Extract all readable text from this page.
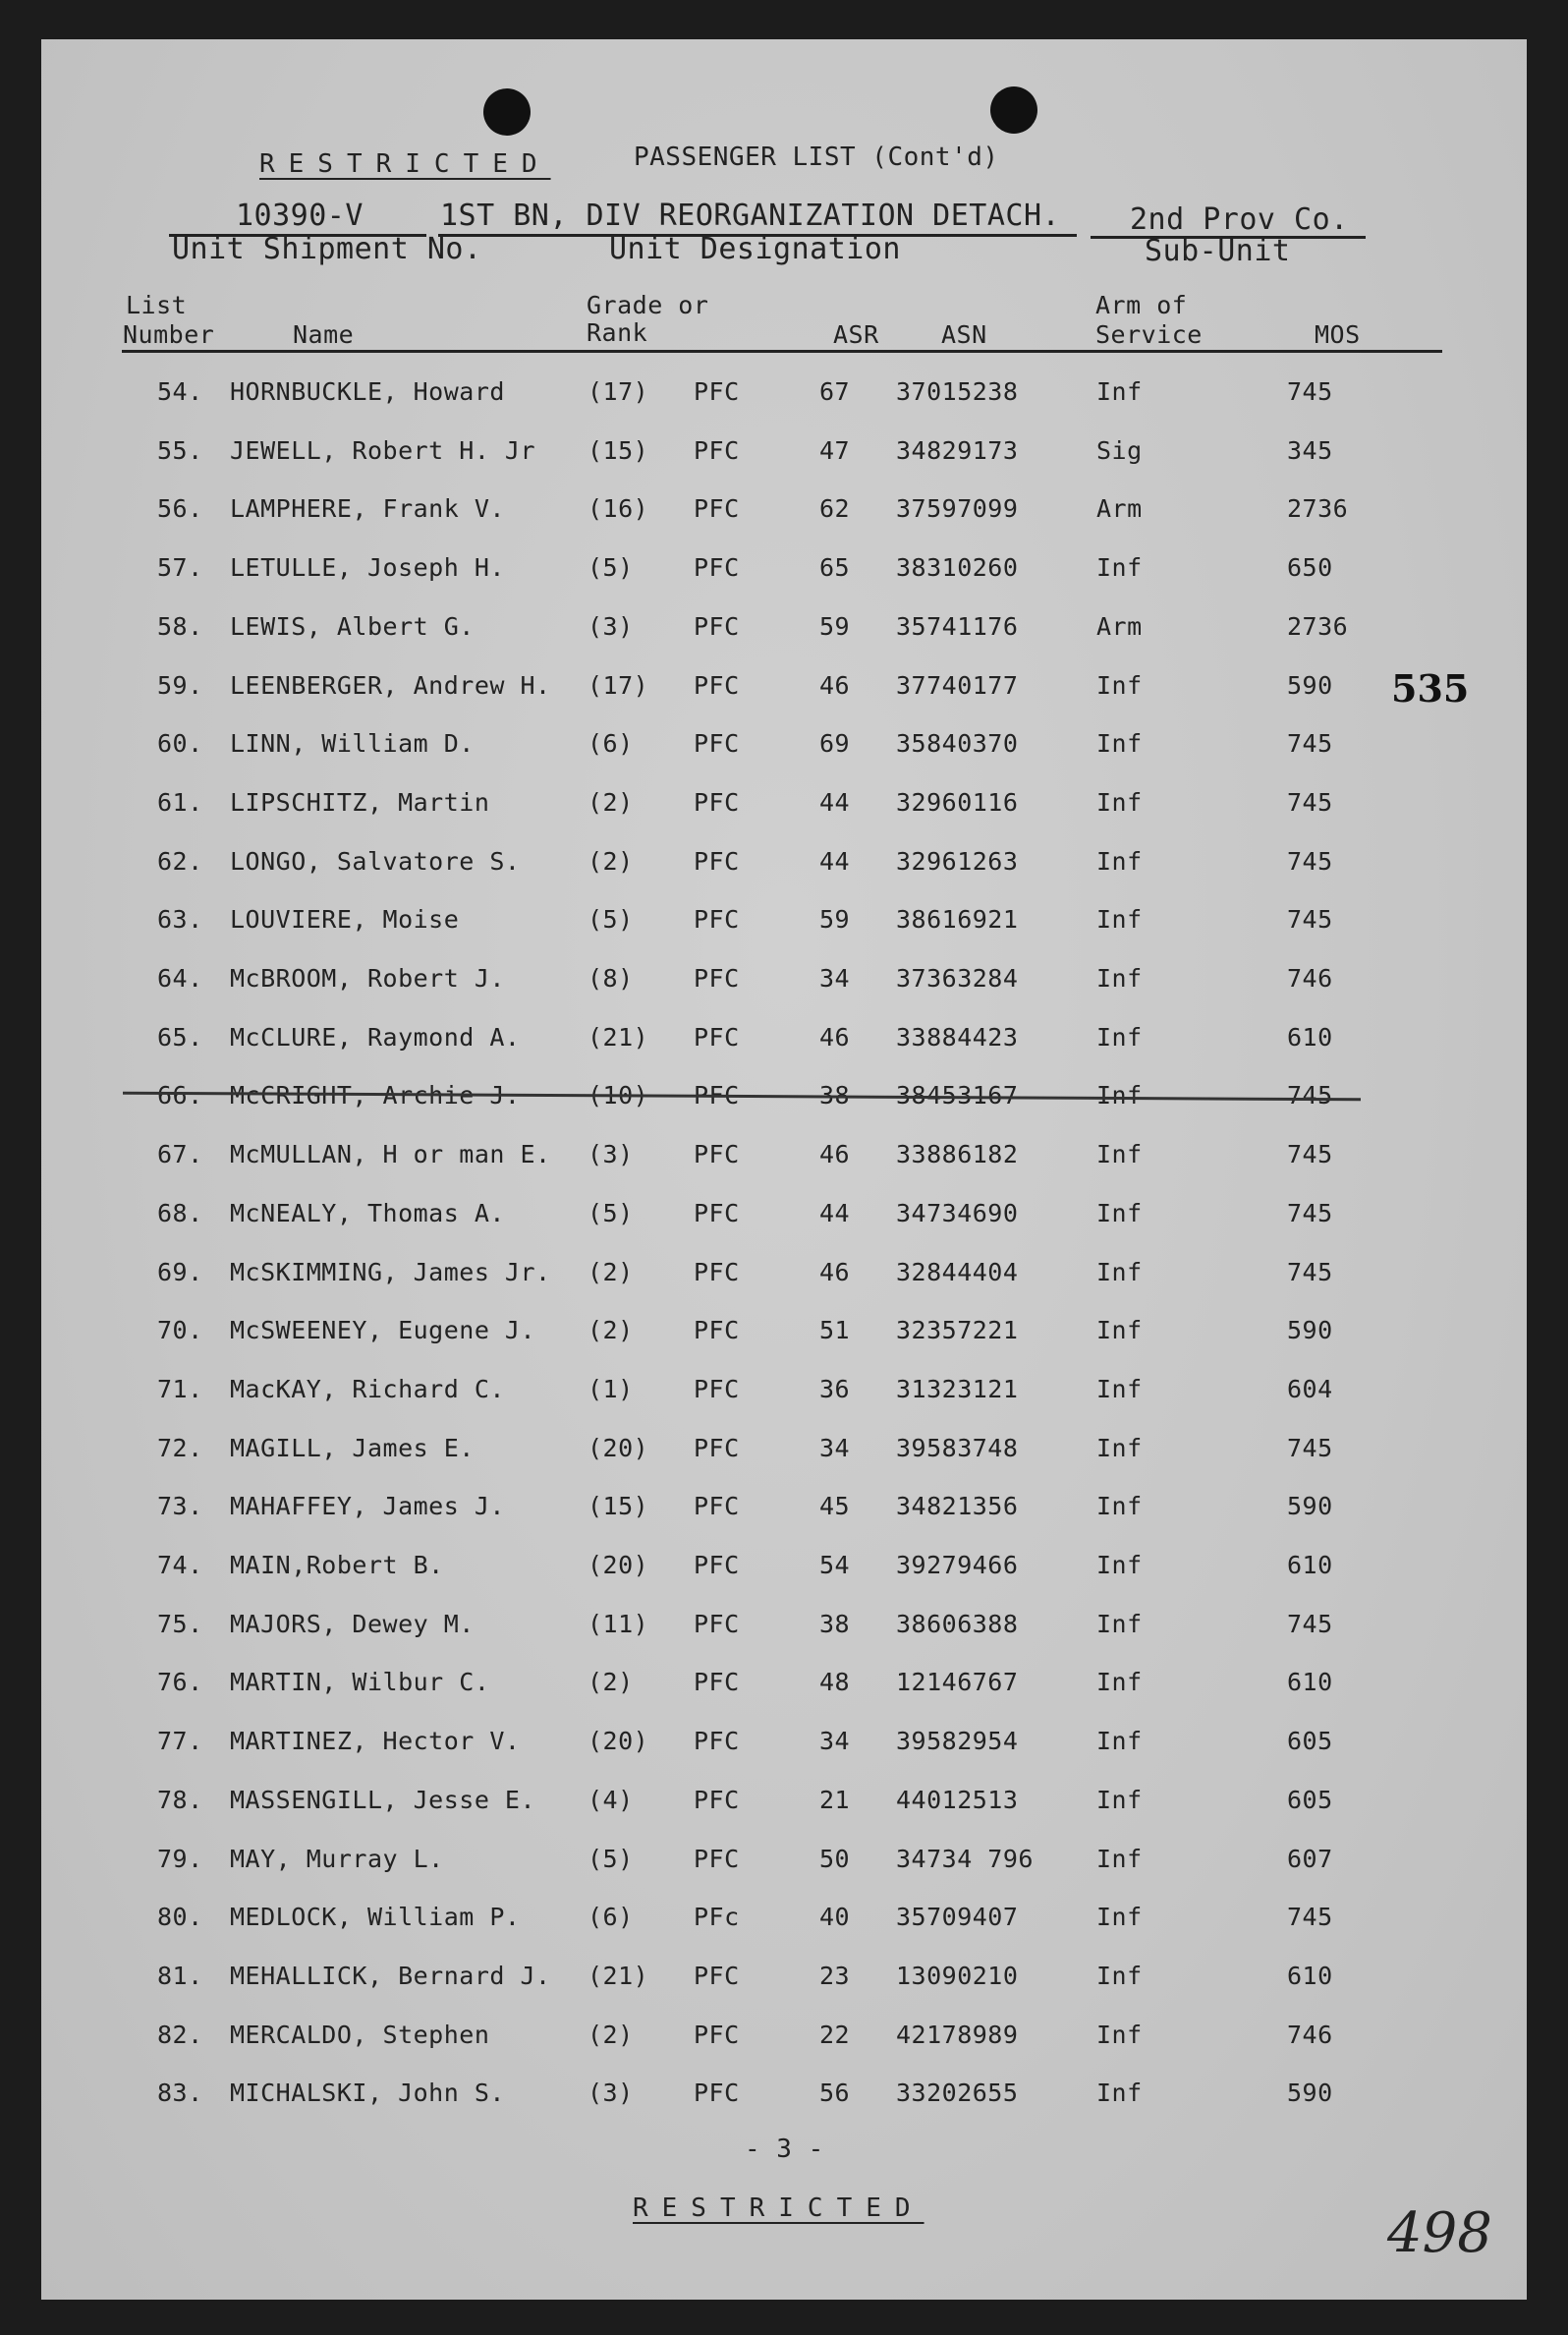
RESTRICTED	PASSENGER LIST (Cont'd)
10390-V
Unit Shipment No.
1ST BN, DIV REORGANIZATION DETACH.
Unit Designation
2nd Prov Co.
Sub-Unit
List
Number	Name
Grade or
Rank	ASR	ASN
Arm of
Service	MOS
54. HORNBUCKLE, Howard	(17) PFC	67 37015238	Inf	745
55. JEWELL, Robert H. Jr (15) PFC	47 34829173	Sig	345
56. LAMPHERE, Frank V.	(16) PFC	62 37597099	Arm	2736
57. LETULLE, Joseph H.	(5) PFC	65 38310260	Inf	650
58. LEWIS, Albert G.	(3) PFC	59 35741176	Arm	2736
59. LEENBERGER, Andrew H. (17) PFC	46 37740177	Inf	590
60. LINN, William D.	(6) PFC	69 35840370	Inf	745
61. LIPSCHITZ, Martin	(2) PFC	44 32960116	Inf	745
62. LONGO, Salvatore S.	(2) PFC	44 32961263	Inf	745
63. LOUVIERE, Moise	(5) PFC	59 38616921	Inf	745
64. McBROOM, Robert J.	(8) PFC	34 37363284	Inf	746
65. McCLURE, Raymond A.	(21) PFC	46 33884423	Inf	610
66. McCRIGHT, Archie J.	(10) PFC	38 38453167	Inf	745
67. McMULLAN, H or man E. (3) PFC	46 33886182	Inf	745
68. McNEALY, Thomas A.	(5) PFC	44 34734690	Inf	745
69. McSKIMMING, James Jr. (2) PFC	46 32844404	Inf	745
70. McSWEENEY, Eugene J. (2) PFC	51 32357221	Inf	590
71. MacKAY, Richard C.	(1) PFC	36 31323121	Inf	604
72. MAGILL, James E.	(20) PFC	34 39583748	Inf	745
73. MAHAFFEY, James J.	(15) PFC	45 34821356	Inf	590
74. MAIN,Robert B.	(20) PFC	54 39279466	Inf	610
75. MAJORS, Dewey M.	(11) PFC	38 38606388	Inf	745
76. MARTIN, Wilbur C.	(2) PFC	48 12146767	Inf	610
77. MARTINEZ, Hector V.	(20) PFC	34 39582954	Inf	605
78. MASSENGILL, Jesse E. (4) PFC	21 44012513	Inf	605
79. MAY, Murray L.	(5) PFC	50 34734 796	Inf	607
80. MEDLOCK, William P.	(6) PFc	40 35709407	Inf	745
81. MEHALLICK, Bernard J. (21) PFC	23 13090210	Inf	610
82. MERCALDO, Stephen	(2) PFC	22 42178989	Inf	746
83. MICHALSKI, John S.	(3) PFC	56 33202655	Inf	590
535
- 3 -
RESTRICTED	498
